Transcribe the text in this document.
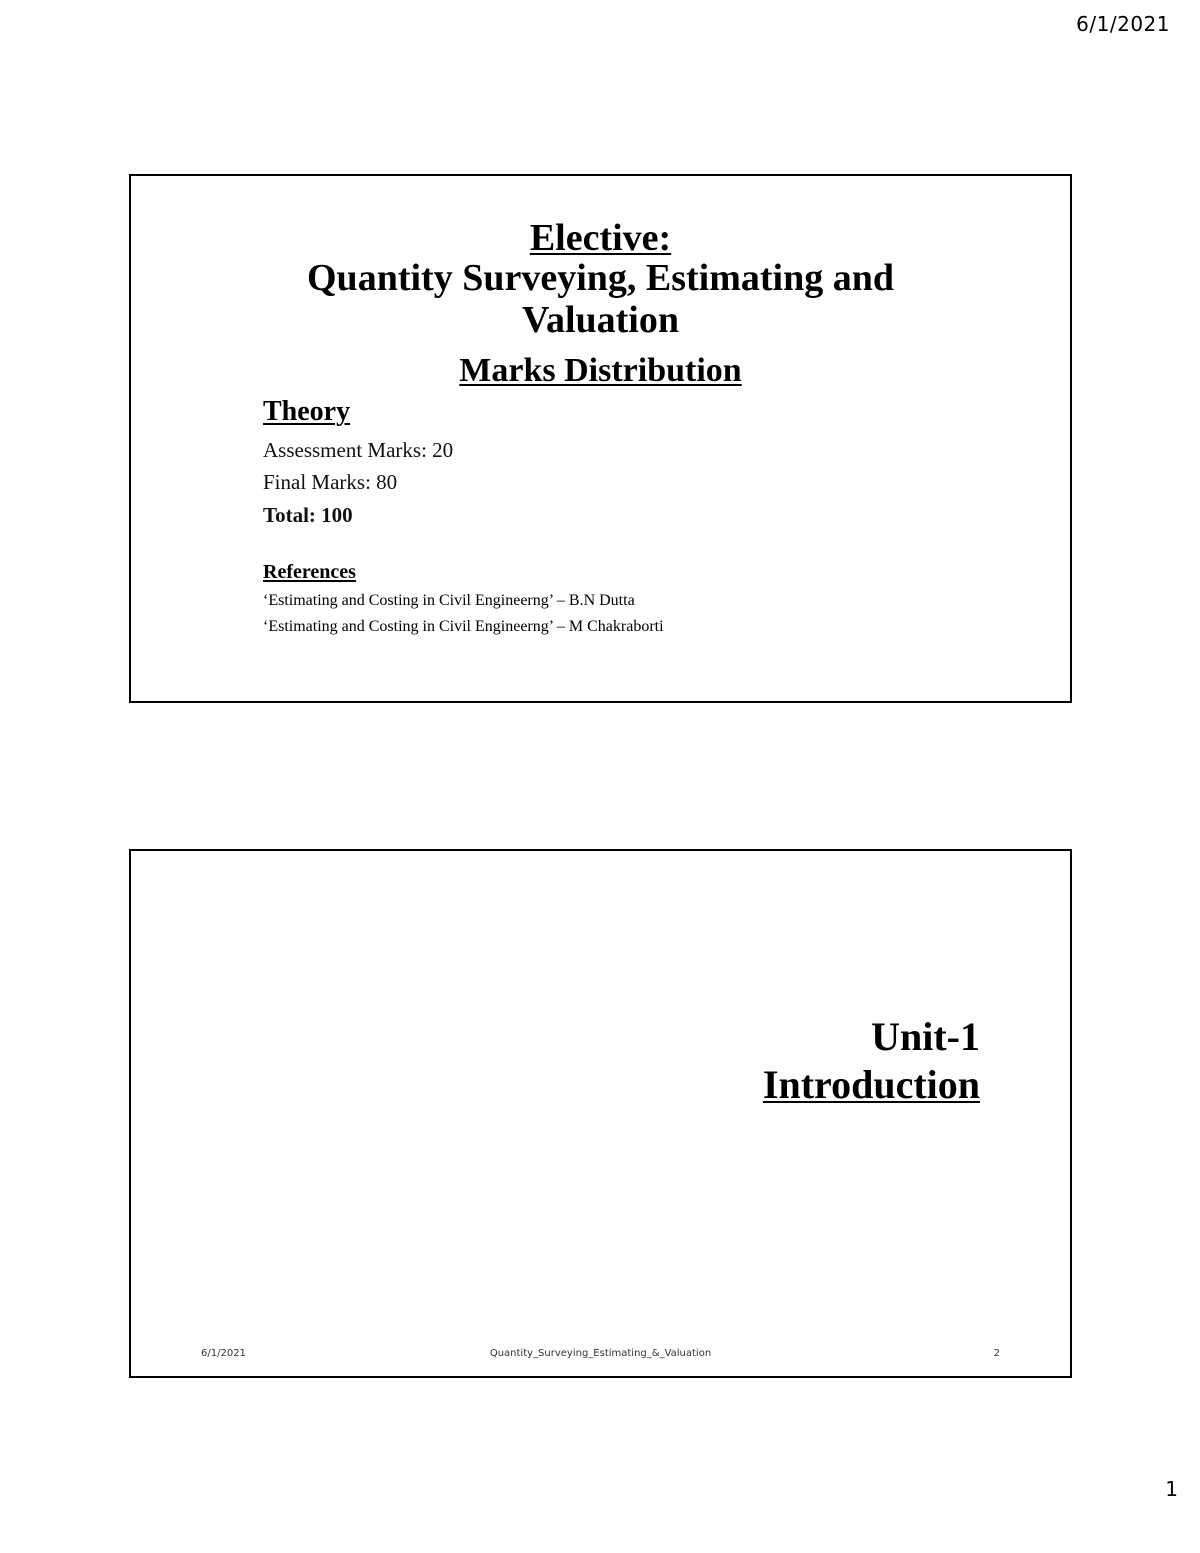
6/1/2021
Elective:
Quantity Surveying, Estimating and
Valuation
Marks Distribution
Theory
Assessment Marks: 20
Final Marks: 80
Total: 100
References
‘Estimating and Costing in Civil Engineerng’ – B.N Dutta
‘Estimating and Costing in Civil Engineerng’ – M Chakraborti
Unit-1
Introduction
Quantity_Surveying_Estimating_&_Valuation
6/1/2021	2
1
